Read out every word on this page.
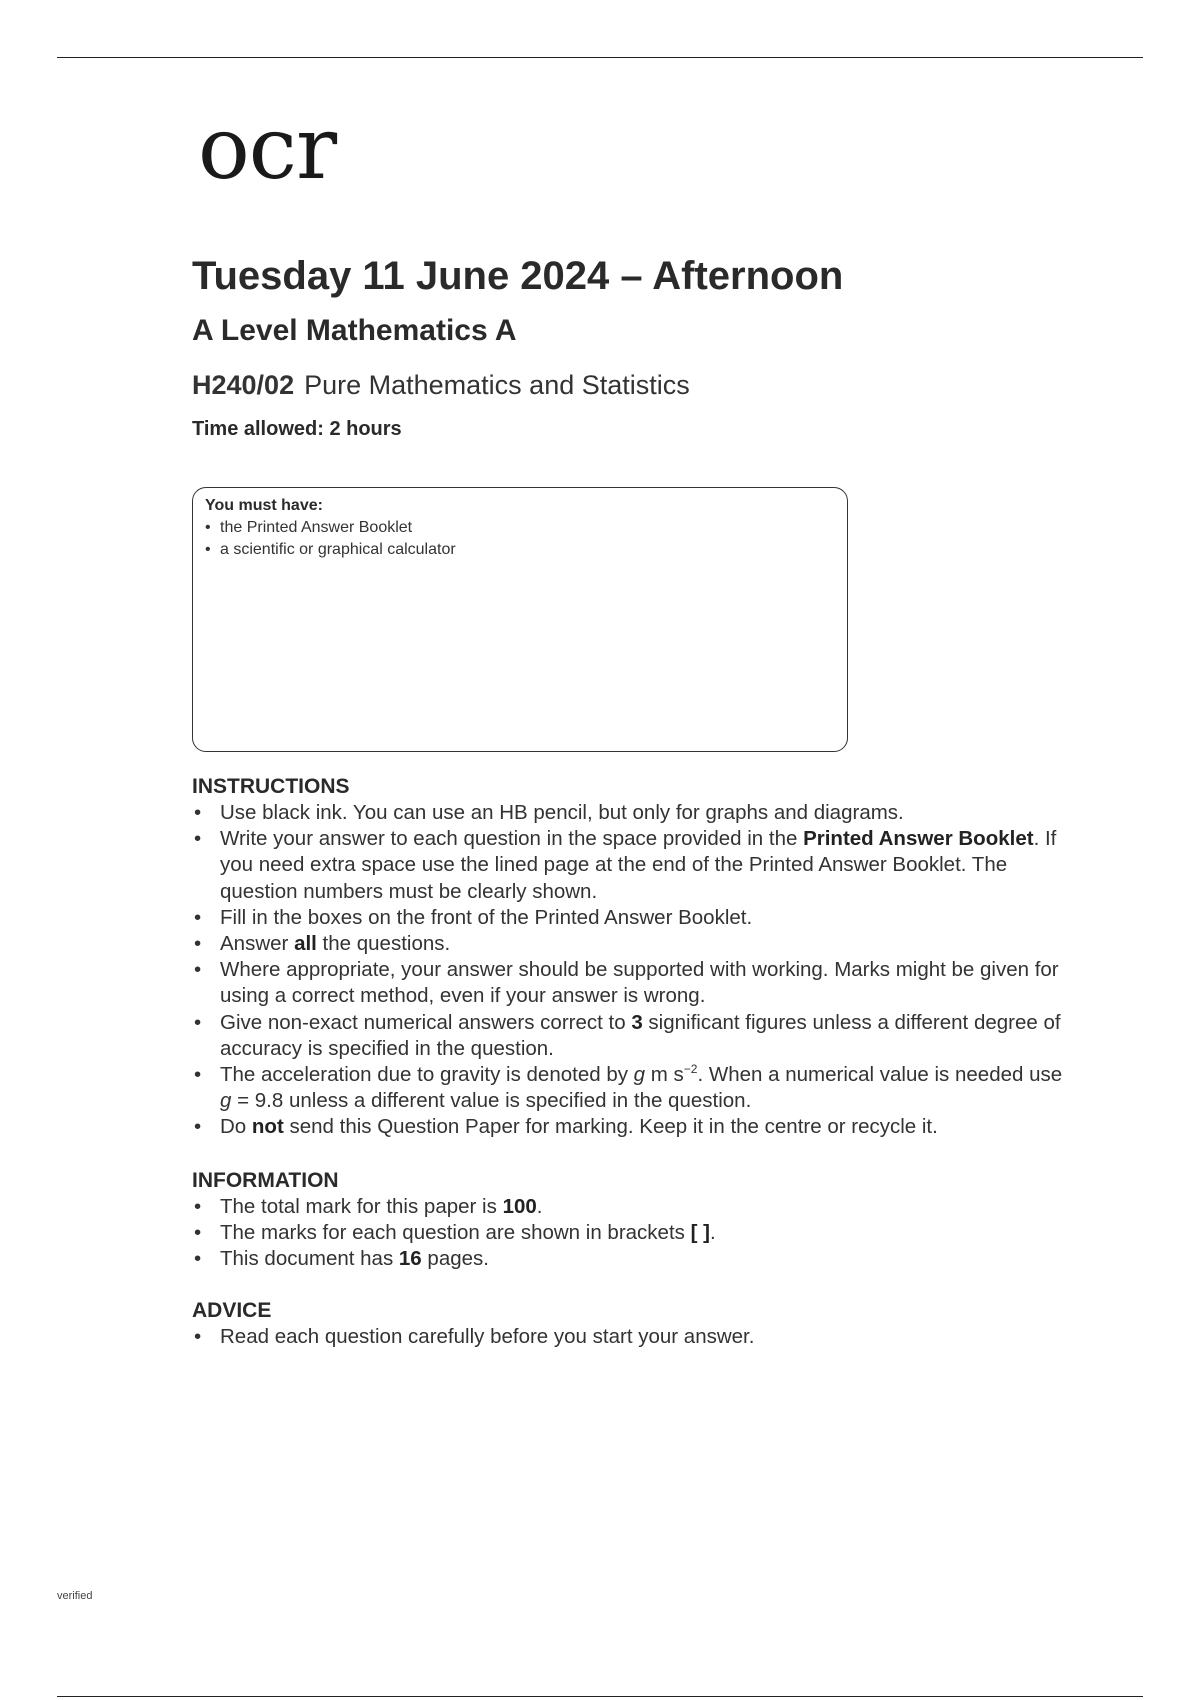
ocr
Tuesday 11 June 2024 – Afternoon
A Level Mathematics A

H240/02 Pure Mathematics and Statistics

Time allowed: 2 hours

You must have:

• the Printed Answer Booklet
• a scientific or graphical calculator

INSTRUCTIONS

• Use black ink. You can use an HB pencil, but only for graphs and diagrams.
• Write your answer to each question in the space provided in the Printed Answer Booklet. If you need extra space use the lined page at the end of the Printed Answer Booklet. The question numbers must be clearly shown.
• Fill in the boxes on the front of the Printed Answer Booklet.
• Answer all the questions.
• Where appropriate, your answer should be supported with working. Marks might be given for using a correct method, even if your answer is wrong.
• Give non-exact numerical answers correct to 3 significant figures unless a different degree of accuracy is specified in the question.
• The acceleration due to gravity is denoted by g m $s^{-2}$. When a numerical value is needed use g = 9.8 unless a different value is specified in the question.
• Do not send this Question Paper for marking. Keep it in the centre or recycle it.

INFORMATION

• The total mark for this paper is 100.
• The marks for each question are shown in brackets [ ].
• This document has 16 pages.

ADVICE

• Read each question carefully before you start your answer.
verified
